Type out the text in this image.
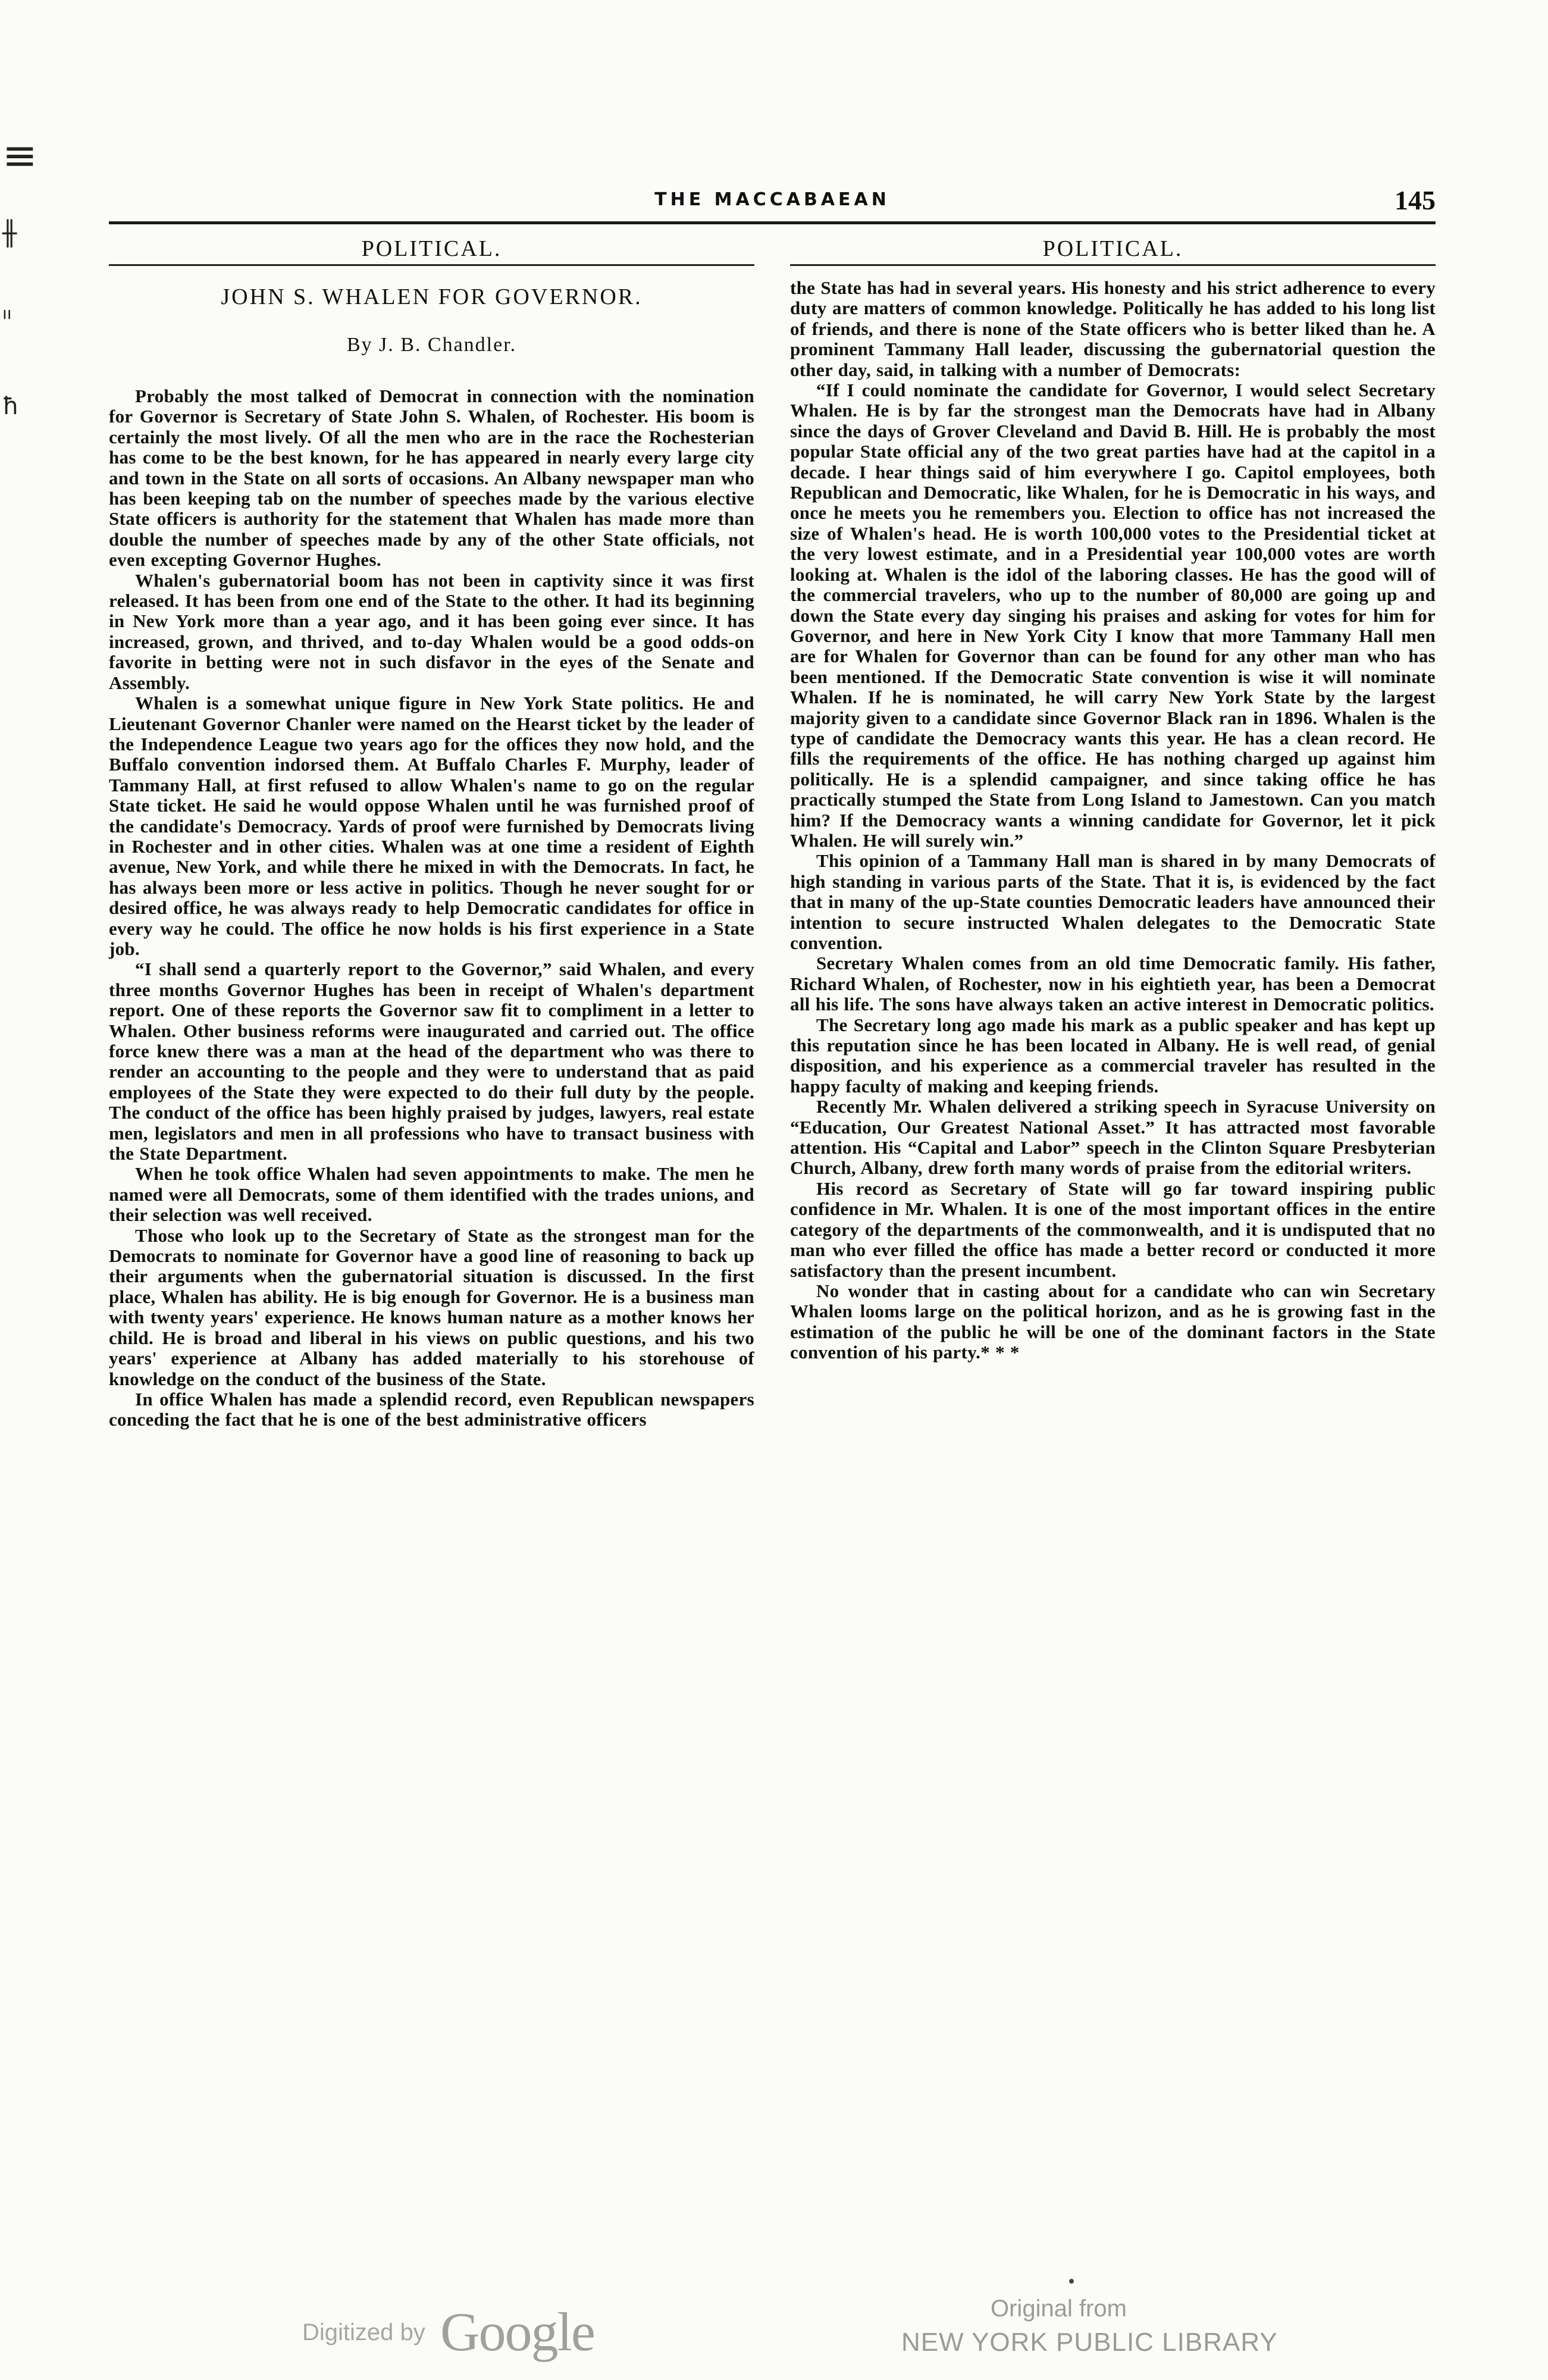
≡
╫
ıı
ħ
THE MACCABAEAN	145
POLITICAL.
JOHN S. WHALEN FOR GOVERNOR.
By J. B. Chandler.

Probably the most talked of Democrat in connection with the nomination for Governor is Secretary of State John S. Whalen, of Rochester. His boom is certainly the most lively. Of all the men who are in the race the Rochesterian has come to be the best known, for he has appeared in nearly every large city and town in the State on all sorts of occasions. An Albany newspaper man who has been keeping tab on the number of speeches made by the various elective State officers is authority for the statement that Whalen has made more than double the number of speeches made by any of the other State officials, not even excepting Governor Hughes.

Whalen's gubernatorial boom has not been in captivity since it was first released. It has been from one end of the State to the other. It had its beginning in New York more than a year ago, and it has been going ever since. It has increased, grown, and thrived, and to-day Whalen would be a good odds-on favorite in betting were not in such disfavor in the eyes of the Senate and Assembly.

Whalen is a somewhat unique figure in New York State politics. He and Lieutenant Governor Chanler were named on the Hearst ticket by the leader of the Independence League two years ago for the offices they now hold, and the Buffalo convention indorsed them. At Buffalo Charles F. Murphy, leader of Tammany Hall, at first refused to allow Whalen's name to go on the regular State ticket. He said he would oppose Whalen until he was furnished proof of the candidate's Democracy. Yards of proof were furnished by Democrats living in Rochester and in other cities. Whalen was at one time a resident of Eighth avenue, New York, and while there he mixed in with the Democrats. In fact, he has always been more or less active in politics. Though he never sought for or desired office, he was always ready to help Democratic candidates for office in every way he could. The office he now holds is his first experience in a State job.

“I shall send a quarterly report to the Governor,” said Whalen, and every three months Governor Hughes has been in receipt of Whalen's department report. One of these reports the Governor saw fit to compliment in a letter to Whalen. Other business reforms were inaugurated and carried out. The office force knew there was a man at the head of the department who was there to render an accounting to the people and they were to understand that as paid employees of the State they were expected to do their full duty by the people. The conduct of the office has been highly praised by judges, lawyers, real estate men, legislators and men in all professions who have to transact business with the State Department.

When he took office Whalen had seven appointments to make. The men he named were all Democrats, some of them identified with the trades unions, and their selection was well received.

Those who look up to the Secretary of State as the strongest man for the Democrats to nominate for Governor have a good line of reasoning to back up their arguments when the gubernatorial situation is discussed. In the first place, Whalen has ability. He is big enough for Governor. He is a business man with twenty years' experience. He knows human nature as a mother knows her child. He is broad and liberal in his views on public questions, and his two years' experience at Albany has added materially to his storehouse of knowledge on the conduct of the business of the State.

In office Whalen has made a splendid record, even Republican newspapers conceding the fact that he is one of the best administrative officers

POLITICAL.

the State has had in several years. His honesty and his strict adherence to every duty are matters of common knowledge. Politically he has added to his long list of friends, and there is none of the State officers who is better liked than he. A prominent Tammany Hall leader, discussing the gubernatorial question the other day, said, in talking with a number of Democrats:

“If I could nominate the candidate for Governor, I would select Secretary Whalen. He is by far the strongest man the Democrats have had in Albany since the days of Grover Cleveland and David B. Hill. He is probably the most popular State official any of the two great parties have had at the capitol in a decade. I hear things said of him everywhere I go. Capitol employees, both Republican and Democratic, like Whalen, for he is Democratic in his ways, and once he meets you he remembers you. Election to office has not increased the size of Whalen's head. He is worth 100,000 votes to the Presidential ticket at the very lowest estimate, and in a Presidential year 100,000 votes are worth looking at. Whalen is the idol of the laboring classes. He has the good will of the commercial travelers, who up to the number of 80,000 are going up and down the State every day singing his praises and asking for votes for him for Governor, and here in New York City I know that more Tammany Hall men are for Whalen for Governor than can be found for any other man who has been mentioned. If the Democratic State convention is wise it will nominate Whalen. If he is nominated, he will carry New York State by the largest majority given to a candidate since Governor Black ran in 1896. Whalen is the type of candidate the Democracy wants this year. He has a clean record. He fills the requirements of the office. He has nothing charged up against him politically. He is a splendid campaigner, and since taking office he has practically stumped the State from Long Island to Jamestown. Can you match him? If the Democracy wants a winning candidate for Governor, let it pick Whalen. He will surely win.”

This opinion of a Tammany Hall man is shared in by many Democrats of high standing in various parts of the State. That it is, is evidenced by the fact that in many of the up-State counties Democratic leaders have announced their intention to secure instructed Whalen delegates to the Democratic State convention.

Secretary Whalen comes from an old time Democratic family. His father, Richard Whalen, of Rochester, now in his eightieth year, has been a Democrat all his life. The sons have always taken an active interest in Democratic politics.

The Secretary long ago made his mark as a public speaker and has kept up this reputation since he has been located in Albany. He is well read, of genial disposition, and his experience as a commercial traveler has resulted in the happy faculty of making and keeping friends.

Recently Mr. Whalen delivered a striking speech in Syracuse University on “Education, Our Greatest National Asset.” It has attracted most favorable attention. His “Capital and Labor” speech in the Clinton Square Presbyterian Church, Albany, drew forth many words of praise from the editorial writers.

His record as Secretary of State will go far toward inspiring public confidence in Mr. Whalen. It is one of the most important offices in the entire category of the departments of the commonwealth, and it is undisputed that no man who ever filled the office has made a better record or conducted it more satisfactory than the present incumbent.

No wonder that in casting about for a candidate who can win Secretary Whalen looms large on the political horizon, and as he is growing fast in the estimation of the public he will be one of the dominant factors in the State convention of his party.* * *

Digitized by Google	Original from
NEW YORK PUBLIC LIBRARY
